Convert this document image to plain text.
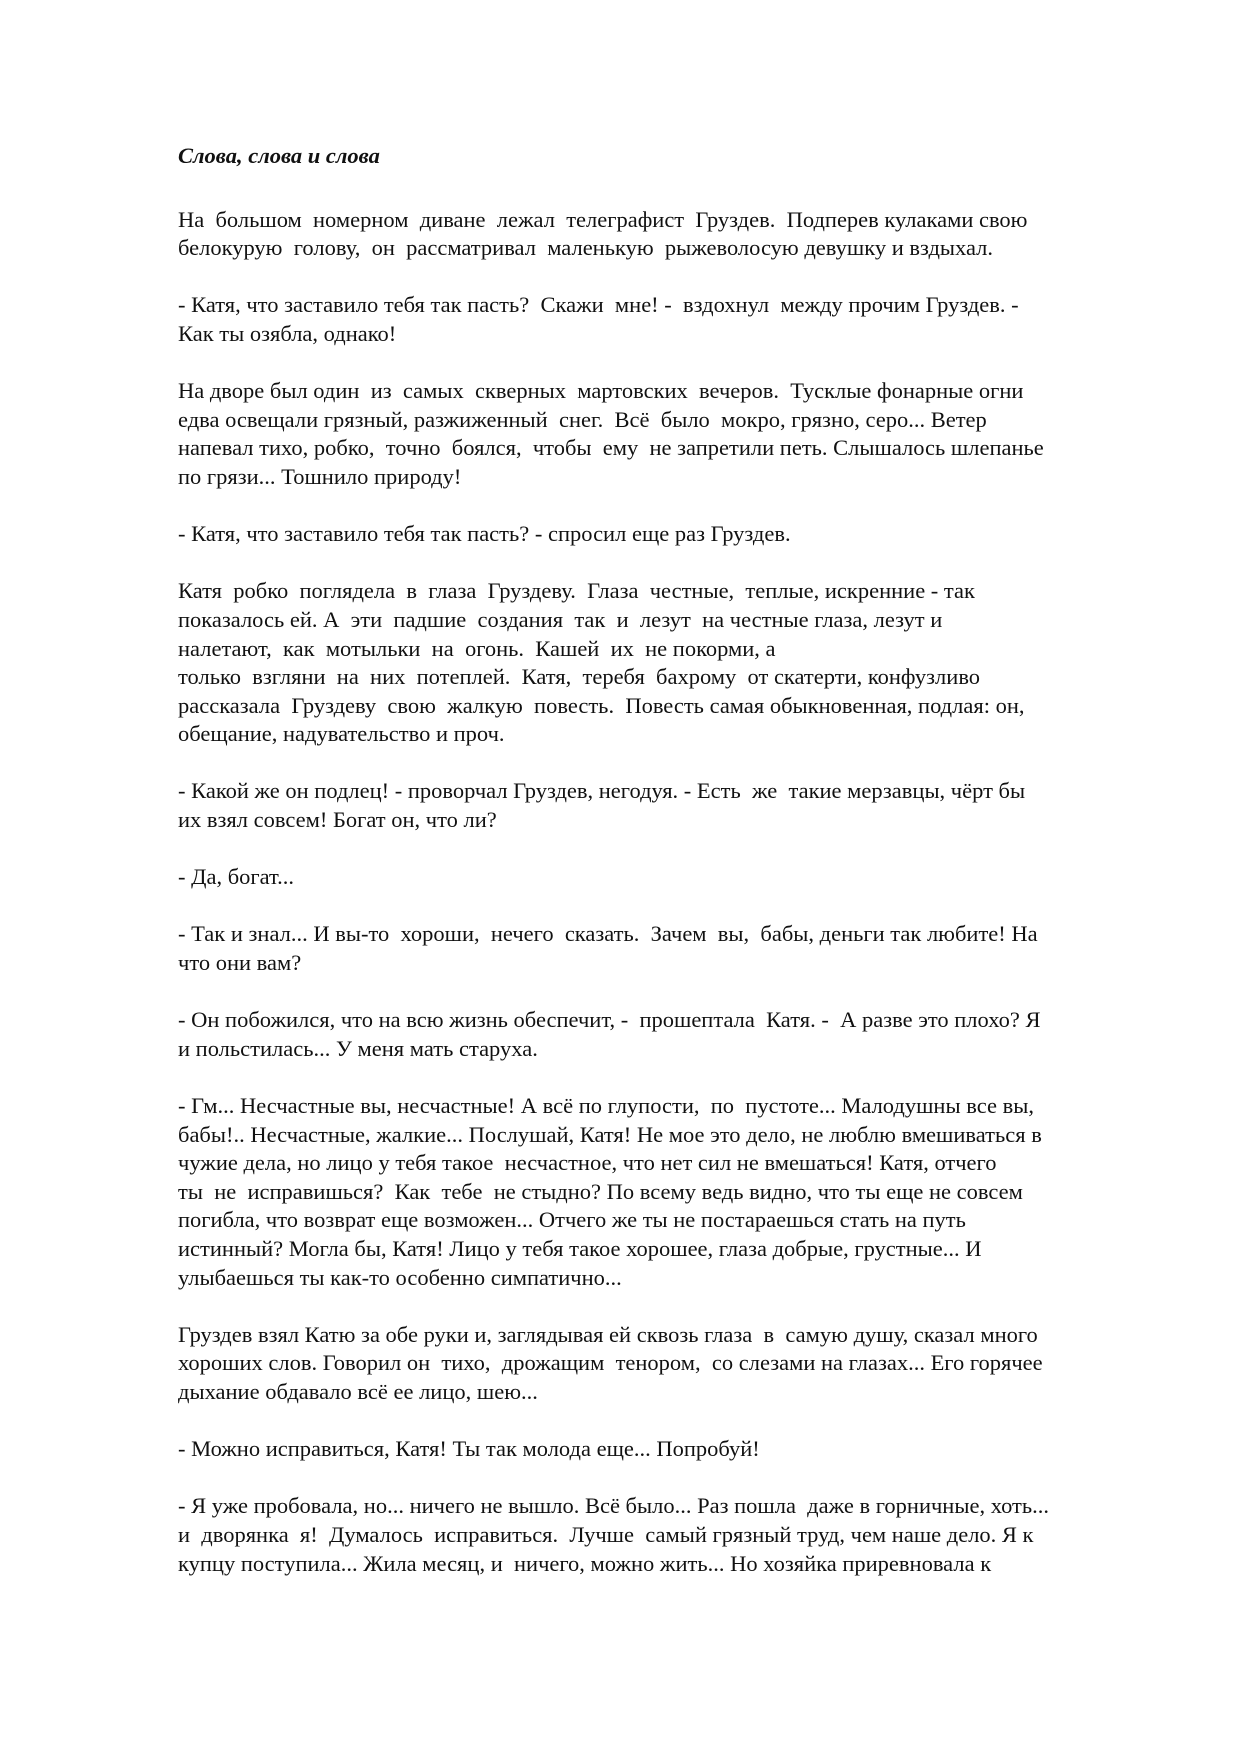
Слова, слова и слова
На  большом  номерном  диване  лежал  телеграфист  Груздев.  Подперев кулаками свою
белокурую  голову,  он  рассматривал  маленькую  рыжеволосую девушку и вздыхал.
- Катя, что заставило тебя так пасть?  Скажи  мне! -  вздохнул  между прочим Груздев. -
Как ты озябла, однако!
На дворе был один  из  самых  скверных  мартовских  вечеров.  Тусклые фонарные огни
едва освещали грязный, разжиженный  снег.  Всё  было  мокро, грязно, серо... Ветер
напевал тихо, робко,  точно  боялся,  чтобы  ему  не запретили петь. Слышалось шлепанье
по грязи... Тошнило природу!
- Катя, что заставило тебя так пасть? - спросил еще раз Груздев.
Катя  робко  поглядела  в  глаза  Груздеву.  Глаза  честные,  теплые, искренние - так
показалось ей. А  эти  падшие  создания  так  и  лезут  на честные глаза, лезут и
налетают,  как  мотыльки  на  огонь.  Кашей  их  не покорми, а
только  взгляни  на  них  потеплей.  Катя,  теребя  бахрому  от скатерти, конфузливо
рассказала  Груздеву  свою  жалкую  повесть.  Повесть самая обыкновенная, подлая: он,
обещание, надувательство и проч.
- Какой же он подлец! - проворчал Груздев, негодуя. - Есть  же  такие мерзавцы, чёрт бы
их взял совсем! Богат он, что ли?
- Да, богат...
- Так и знал... И вы-то  хороши,  нечего  сказать.  Зачем  вы,  бабы, деньги так любите! На
что они вам?
- Он побожился, что на всю жизнь обеспечит, -  прошептала  Катя. -  А разве это плохо? Я
и польстилась... У меня мать старуха.
- Гм... Несчастные вы, несчастные! А всё по глупости,  по  пустоте... Малодушны все вы,
бабы!.. Несчастные, жалкие... Послушай, Катя! Не мое это дело, не люблю вмешиваться в
чужие дела, но лицо у тебя такое  несчастное, что нет сил не вмешаться! Катя, отчего
ты  не  исправишься?  Как  тебе  не стыдно? По всему ведь видно, что ты еще не совсем
погибла, что возврат еще возможен... Отчего же ты не постараешься стать на путь
истинный? Могла бы, Катя! Лицо у тебя такое хорошее, глаза добрые, грустные... И
улыбаешься ты как-то особенно симпатично...
Груздев взял Катю за обе руки и, заглядывая ей сквозь глаза  в  самую душу, сказал много
хороших слов. Говорил он  тихо,  дрожащим  тенором,  со слезами на глазах... Его горячее
дыхание обдавало всё ее лицо, шею...
- Можно исправиться, Катя! Ты так молода еще... Попробуй!
- Я уже пробовала, но... ничего не вышло. Всё было... Раз пошла  даже в горничные, хоть...
и  дворянка  я!  Думалось  исправиться.  Лучше  самый грязный труд, чем наше дело. Я к
купцу поступила... Жила месяц, и  ничего, можно жить... Но хозяйка приревновала к
